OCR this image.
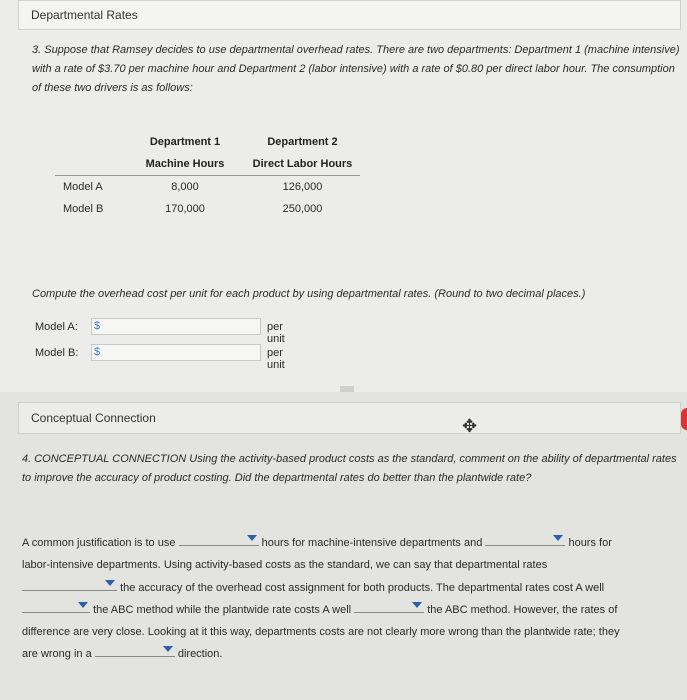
Departmental Rates
3. Suppose that Ramsey decides to use departmental overhead rates. There are two departments: Department 1 (machine intensive) with a rate of $3.70 per machine hour and Department 2 (labor intensive) with a rate of $0.80 per direct labor hour. The consumption of these two drivers is as follows:
	Department 1	Department 2
	Machine Hours	Direct Labor Hours
Model A	8,000	126,000
Model B	170,000	250,000
Compute the overhead cost per unit for each product by using departmental rates. (Round to two decimal places.)
Model A: $	per unit
Model B: $	per unit
Conceptual Connection	✥
4. CONCEPTUAL CONNECTION Using the activity-based product costs as the standard, comment on the ability of departmental rates to improve the accuracy of product costing. Did the departmental rates do better than the plantwide rate?
A common justification is to use	hours for machine-intensive departments and	hours for
labor-intensive departments. Using activity-based costs as the standard, we can say that departmental rates
the accuracy of the overhead cost assignment for both products. The departmental rates cost A well
the ABC method while the plantwide rate costs A well	the ABC method. However, the rates of
difference are very close. Looking at it this way, departments costs are not clearly more wrong than the plantwide rate; they
are wrong in a	direction.
